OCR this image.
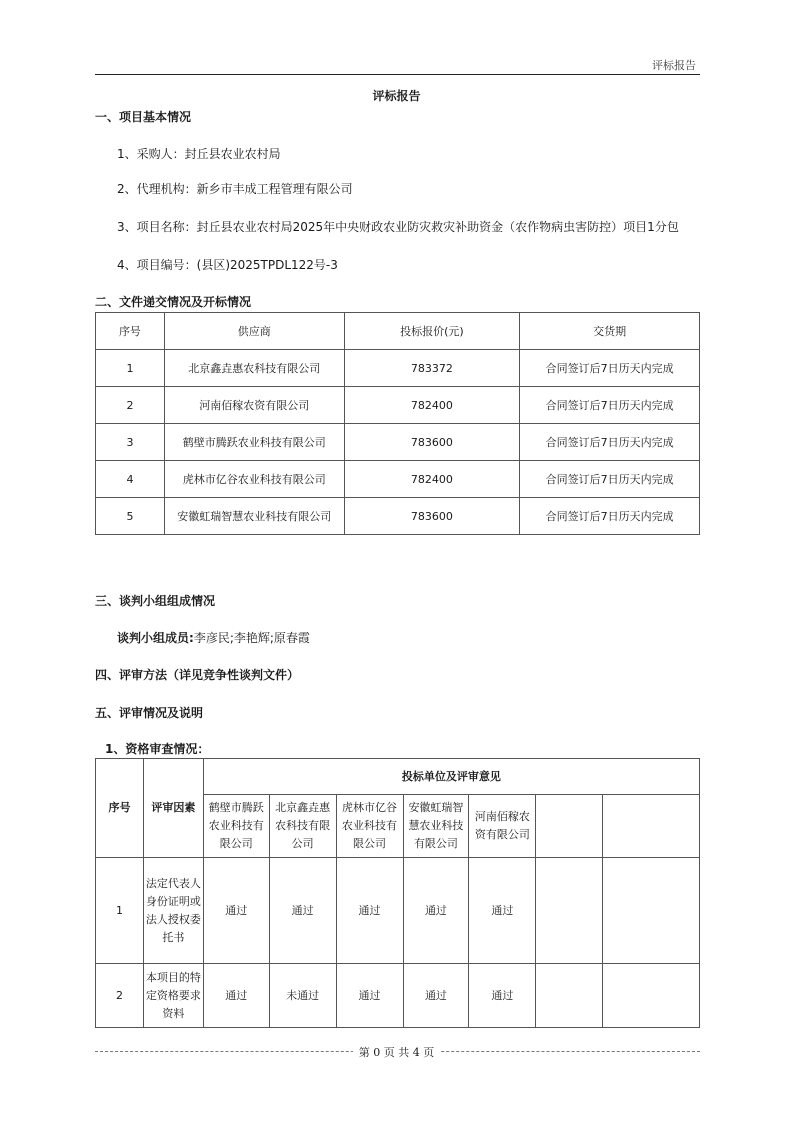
评标报告
评标报告
一、项目基本情况
1、采购人：封丘县农业农村局
2、代理机构：新乡市丰成工程管理有限公司
3、项目名称：封丘县农业农村局2025年中央财政农业防灾救灾补助资金（农作物病虫害防控）项目1分包
4、项目编号：(县区)2025TPDL122号-3
二、文件递交情况及开标情况
序号	供应商	投标报价(元)	交货期
1	北京鑫垚惠农科技有限公司	783372	合同签订后7日历天内完成
2	河南佰稼农资有限公司	782400	合同签订后7日历天内完成
3	鹤壁市腾跃农业科技有限公司	783600	合同签订后7日历天内完成
4	虎林市亿谷农业科技有限公司	782400	合同签订后7日历天内完成
5	安徽虹瑞智慧农业科技有限公司	783600	合同签订后7日历天内完成
三、谈判小组组成情况
谈判小组成员:李彦民;李艳辉;原春霞
四、评审方法（详见竞争性谈判文件）
五、评审情况及说明
1、资格审查情况：
序号	评审因素	投标单位及评审意见						
		鹤壁市腾跃农业科技有限公司	北京鑫垚惠农科技有限公司	虎林市亿谷农业科技有限公司	安徽虹瑞智慧农业科技有限公司	河南佰稼农资有限公司		
1	法定代表人身份证明或法人授权委托书	通过	通过	通过	通过	通过		
2	本项目的特定资格要求资料	通过	未通过	通过	通过	通过		
第 0 页 共 4 页
